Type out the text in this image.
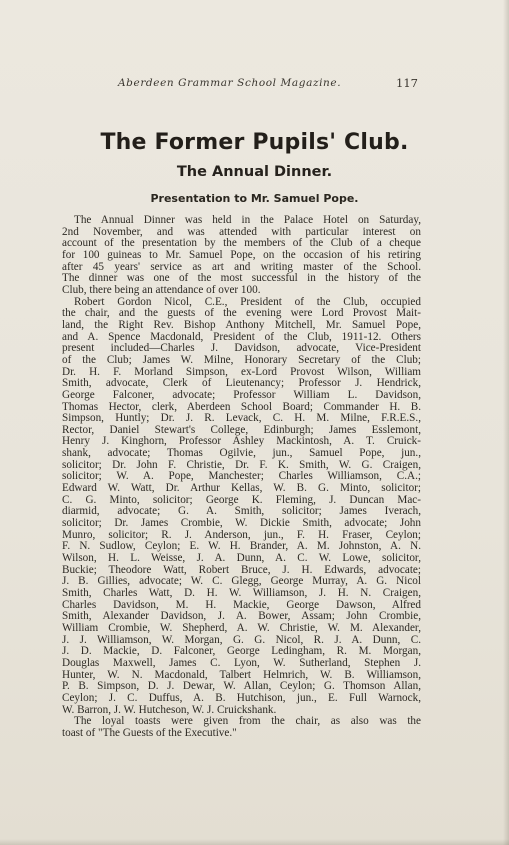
Aberdeen Grammar School Magazine.	117
The Former Pupils' Club.
The Annual Dinner.
Presentation to Mr. Samuel Pope.
The Annual Dinner was held in the Palace Hotel on Saturday,
2nd November, and was attended with particular interest on
account of the presentation by the members of the Club of a cheque
for 100 guineas to Mr. Samuel Pope, on the occasion of his retiring
after 45 years' service as art and writing master of the School.
The dinner was one of the most successful in the history of the
Club, there being an attendance of over 100.
Robert Gordon Nicol, C.E., President of the Club, occupied
the chair, and the guests of the evening were Lord Provost Mait-
land, the Right Rev. Bishop Anthony Mitchell, Mr. Samuel Pope,
and A. Spence Macdonald, President of the Club, 1911-12. Others
present included—Charles J. Davidson, advocate, Vice-President
of the Club; James W. Milne, Honorary Secretary of the Club;
Dr. H. F. Morland Simpson, ex-Lord Provost Wilson, William
Smith, advocate, Clerk of Lieutenancy; Professor J. Hendrick,
George Falconer, advocate; Professor William L. Davidson,
Thomas Hector, clerk, Aberdeen School Board; Commander H. B.
Simpson, Huntly; Dr. J. R. Levack, C. H. M. Milne, F.R.E.S.,
Rector, Daniel Stewart's College, Edinburgh; James Esslemont,
Henry J. Kinghorn, Professor Ashley Mackintosh, A. T. Cruick-
shank, advocate; Thomas Ogilvie, jun., Samuel Pope, jun.,
solicitor; Dr. John F. Christie, Dr. F. K. Smith, W. G. Craigen,
solicitor; W. A. Pope, Manchester; Charles Williamson, C.A.;
Edward W. Watt, Dr. Arthur Kellas, W. B. G. Minto, solicitor;
C. G. Minto, solicitor; George K. Fleming, J. Duncan Mac-
diarmid, advocate; G. A. Smith, solicitor; James Iverach,
solicitor; Dr. James Crombie, W. Dickie Smith, advocate; John
Munro, solicitor; R. J. Anderson, jun., F. H. Fraser, Ceylon;
F. N. Sudlow, Ceylon; E. W. H. Brander, A. M. Johnston, A. N.
Wilson, H. L. Weisse, J. A. Dunn, A. C. W. Lowe, solicitor,
Buckie; Theodore Watt, Robert Bruce, J. H. Edwards, advocate;
J. B. Gillies, advocate; W. C. Glegg, George Murray, A. G. Nicol
Smith, Charles Watt, D. H. W. Williamson, J. H. N. Craigen,
Charles Davidson, M. H. Mackie, George Dawson, Alfred
Smith, Alexander Davidson, J. A. Bower, Assam; John Crombie,
William Crombie, W. Shepherd, A. W. Christie, W. M. Alexander,
J. J. Williamson, W. Morgan, G. G. Nicol, R. J. A. Dunn, C.
J. D. Mackie, D. Falconer, George Ledingham, R. M. Morgan,
Douglas Maxwell, James C. Lyon, W. Sutherland, Stephen J.
Hunter, W. N. Macdonald, Talbert Helmrich, W. B. Williamson,
P. B. Simpson, D. J. Dewar, W. Allan, Ceylon; G. Thomson Allan,
Ceylon; J. C. Duffus, A. B. Hutchison, jun., E. Full Warnock,
W. Barron, J. W. Hutcheson, W. J. Cruickshank.
The loyal toasts were given from the chair, as also was the
toast of "The Guests of the Executive."
